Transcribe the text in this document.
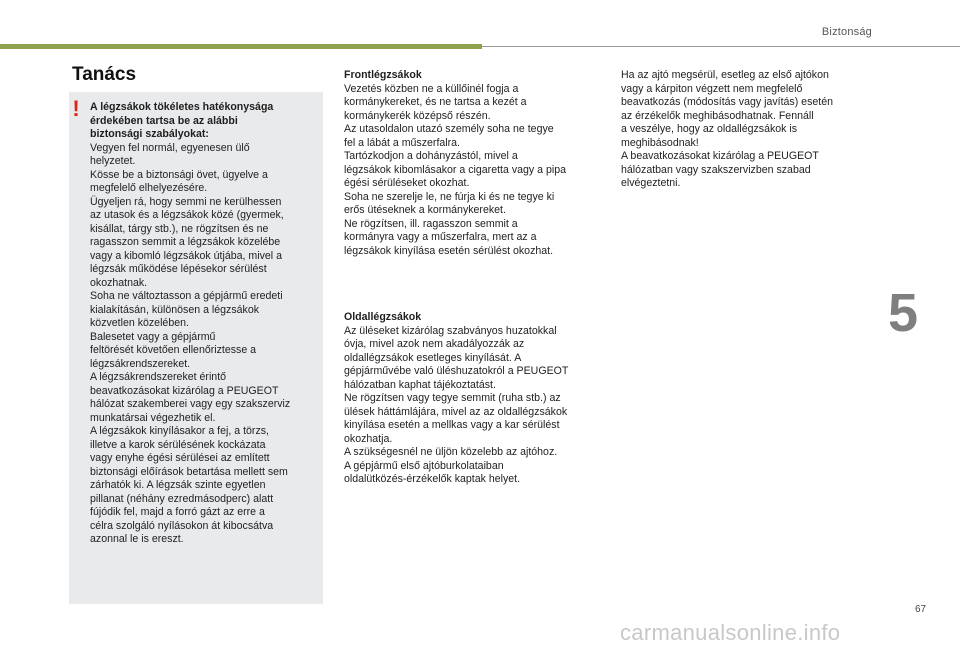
Biztonság
Tanács
! A légzsákok tökéletes hatékonysága
érdekében tartsa be az alábbi
biztonsági szabályokat:

Vegyen fel normál, egyenesen ülő
helyzetet.
Kösse be a biztonsági övet, ügyelve a
megfelelő elhelyezésére.
Ügyeljen rá, hogy semmi ne kerülhessen
az utasok és a légzsákok közé (gyermek,
kisállat, tárgy stb.), ne rögzítsen és ne
ragasszon semmit a légzsákok közelébe
vagy a kibomló légzsákok útjába, mivel a
légzsák működése lépésekor sérülést
okozhatnak.
Soha ne változtasson a gépjármű eredeti
kialakításán, különösen a légzsákok
közvetlen közelében.
Balesetet vagy a gépjármű
feltörését követően ellenőriztesse a
légzsákrendszereket.
A légzsákrendszereket érintő
beavatkozásokat kizárólag a PEUGEOT
hálózat szakemberei vagy egy szakszerviz
munkatársai végezhetik el.
A légzsákok kinyílásakor a fej, a törzs,
illetve a karok sérülésének kockázata
vagy enyhe égési sérülései az említett
biztonsági előírások betartása mellett sem
zárhatók ki. A légzsák szinte egyetlen
pillanat (néhány ezredmásodperc) alatt
fújódik fel, majd a forró gázt az erre a
célra szolgáló nyílásokon át kibocsátva
azonnal le is ereszt.

Frontlégzsákok

Vezetés közben ne a küllőinél fogja a
kormánykereket, és ne tartsa a kezét a
kormánykerék középső részén.
Az utasoldalon utazó személy soha ne tegye
fel a lábát a műszerfalra.
Tartózkodjon a dohányzástól, mivel a
légzsákok kibomlásakor a cigaretta vagy a pipa
égési sérüléseket okozhat.
Soha ne szerelje le, ne fúrja ki és ne tegye ki
erős ütéseknek a kormánykereket.
Ne rögzítsen, ill. ragasszon semmit a
kormányra vagy a műszerfalra, mert az a
légzsákok kinyílása esetén sérülést okozhat.

Oldallégzsákok

Az üléseket kizárólag szabványos huzatokkal
óvja, mivel azok nem akadályozzák az
oldallégzsákok esetleges kinyílását. A
gépjárművébe való üléshuzatokról a PEUGEOT
hálózatban kaphat tájékoztatást.
Ne rögzítsen vagy tegye semmit (ruha stb.) az
ülések háttámlájára, mivel az az oldallégzsákok
kinyílása esetén a mellkas vagy a kar sérülést
okozhatja.
A szükségesnél ne üljön közelebb az ajtóhoz.
A gépjármű első ajtóburkolataiban
oldalütközés-érzékelők kaptak helyet.

Ha az ajtó megsérül, esetleg az első ajtókon
vagy a kárpiton végzett nem megfelelő
beavatkozás (módosítás vagy javítás) esetén
az érzékelők meghibásodhatnak. Fennáll
a veszélye, hogy az oldallégzsákok is
meghibásodnak!
A beavatkozásokat kizárólag a PEUGEOT
hálózatban vagy szakszervizben szabad
elvégeztetni.

5
67
carmanualsonline.info
